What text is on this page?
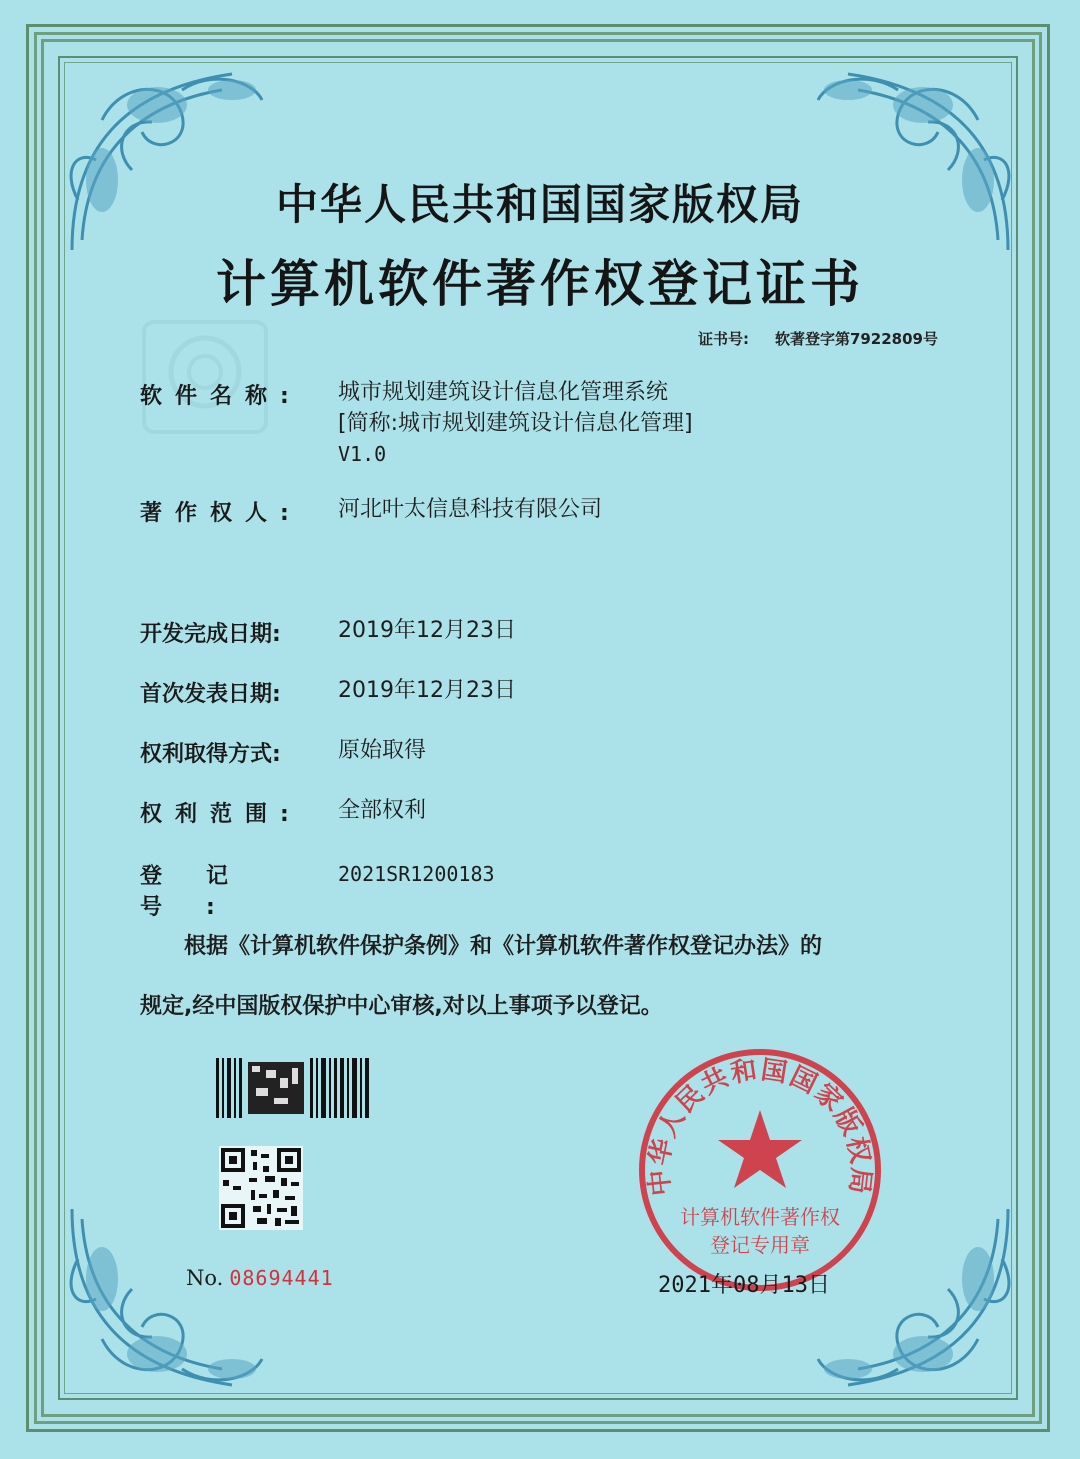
中华人民共和国国家版权局
计算机软件著作权登记证书
证书号: 软著登字第7922809号
软件名称:	城市规划建筑设计信息化管理系统
[简称:城市规划建筑设计信息化管理]
V1.0
著作权人:	河北叶太信息科技有限公司
开发完成日期:	2019年12月23日
首次发表日期:	2019年12月23日
权利取得方式:	原始取得
权利范围:	全部权利
登记号:
2021SR1200183
根据《计算机软件保护条例》和《计算机软件著作权登记办法》的
规定,经中国版权保护中心审核,对以上事项予以登记。
No. 08694441
中华人民共和国国家版权局
计算机软件著作权
登记专用章
2021年08月13日
